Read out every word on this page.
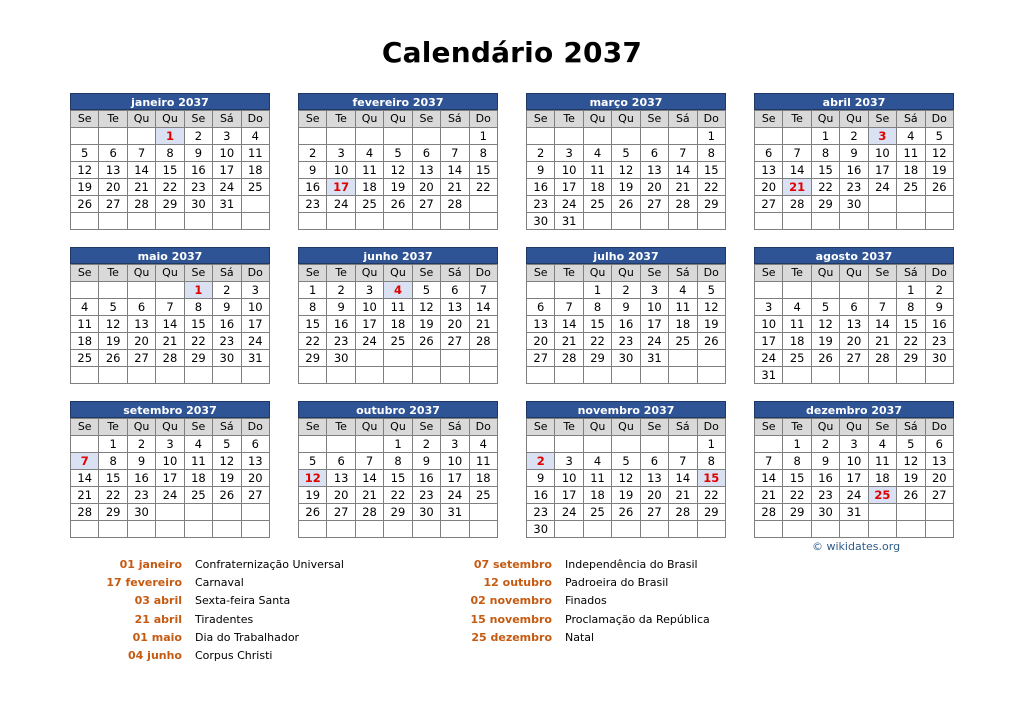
Calendário 2037
janeiro 2037
Se	Te	Qu	Qu	Se	Sá	Do
			1	2	3	4
5	6	7	8	9	10	11
12	13	14	15	16	17	18
19	20	21	22	23	24	25
26	27	28	29	30	31	

fevereiro 2037
Se	Te	Qu	Qu	Se	Sá	Do
						1
2	3	4	5	6	7	8
9	10	11	12	13	14	15
16	17	18	19	20	21	22
23	24	25	26	27	28	

março 2037
Se	Te	Qu	Qu	Se	Sá	Do
						1
2	3	4	5	6	7	8
9	10	11	12	13	14	15
16	17	18	19	20	21	22
23	24	25	26	27	28	29
30	31					
abril 2037
Se	Te	Qu	Qu	Se	Sá	Do
		1	2	3	4	5
6	7	8	9	10	11	12
13	14	15	16	17	18	19
20	21	22	23	24	25	26
27	28	29	30			

maio 2037
Se	Te	Qu	Qu	Se	Sá	Do
				1	2	3
4	5	6	7	8	9	10
11	12	13	14	15	16	17
18	19	20	21	22	23	24
25	26	27	28	29	30	31

junho 2037
Se	Te	Qu	Qu	Se	Sá	Do
1	2	3	4	5	6	7
8	9	10	11	12	13	14
15	16	17	18	19	20	21
22	23	24	25	26	27	28
29	30					

julho 2037
Se	Te	Qu	Qu	Se	Sá	Do
		1	2	3	4	5
6	7	8	9	10	11	12
13	14	15	16	17	18	19
20	21	22	23	24	25	26
27	28	29	30	31		

agosto 2037
Se	Te	Qu	Qu	Se	Sá	Do
					1	2
3	4	5	6	7	8	9
10	11	12	13	14	15	16
17	18	19	20	21	22	23
24	25	26	27	28	29	30
31						
setembro 2037
Se	Te	Qu	Qu	Se	Sá	Do
	1	2	3	4	5	6
7	8	9	10	11	12	13
14	15	16	17	18	19	20
21	22	23	24	25	26	27
28	29	30				

outubro 2037
Se	Te	Qu	Qu	Se	Sá	Do
			1	2	3	4
5	6	7	8	9	10	11
12	13	14	15	16	17	18
19	20	21	22	23	24	25
26	27	28	29	30	31	

novembro 2037
Se	Te	Qu	Qu	Se	Sá	Do
						1
2	3	4	5	6	7	8
9	10	11	12	13	14	15
16	17	18	19	20	21	22
23	24	25	26	27	28	29
30						
dezembro 2037
Se	Te	Qu	Qu	Se	Sá	Do
	1	2	3	4	5	6
7	8	9	10	11	12	13
14	15	16	17	18	19	20
21	22	23	24	25	26	27
28	29	30	31			

01 janeiro Confraternização Universal
17 fevereiro Carnaval
03 abril Sexta-feira Santa
21 abril Tiradentes
01 maio Dia do Trabalhador
04 junho Corpus Christi
07 setembro Independência do Brasil
12 outubro Padroeira do Brasil
02 novembro Finados
15 novembro Proclamação da República
25 dezembro Natal
© wikidates.org
